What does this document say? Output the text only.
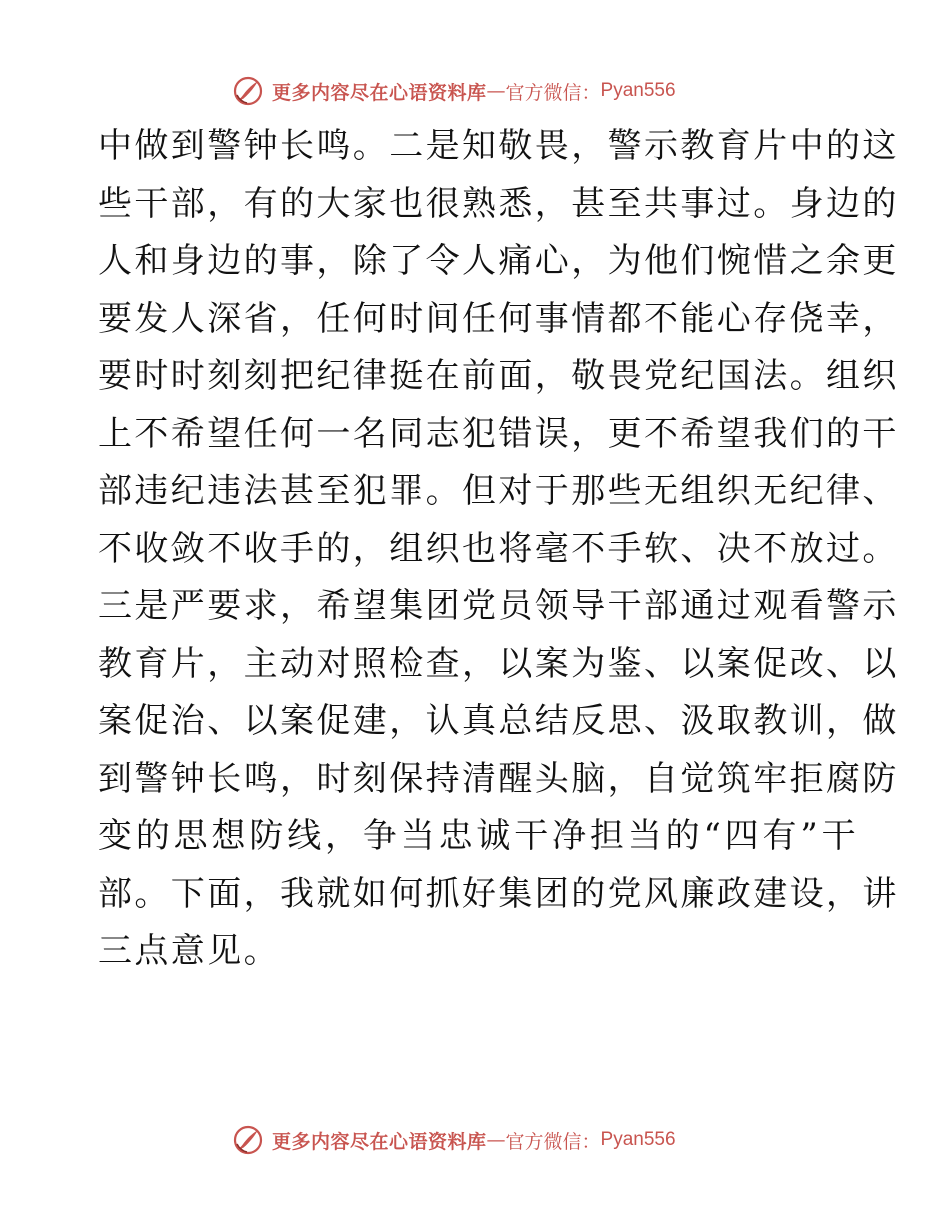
更多内容尽在心语资料库 — 官方微信： Pyan556
中做到警钟长鸣。二是知敬畏，警示教育片中的这
些干部，有的大家也很熟悉，甚至共事过。身边的
人和身边的事，除了令人痛心，为他们惋惜之余更
要发人深省，任何时间任何事情都不能心存侥幸，
要时时刻刻把纪律挺在前面，敬畏党纪国法。组织
上不希望任何一名同志犯错误，更不希望我们的干
部违纪违法甚至犯罪。但对于那些无组织无纪律、
不收敛不收手的，组织也将毫不手软、决不放过。
三是严要求，希望集团党员领导干部通过观看警示
教育片，主动对照检查，以案为鉴、以案促改、以
案促治、以案促建，认真总结反思、汲取教训，做
到警钟长鸣，时刻保持清醒头脑，自觉筑牢拒腐防
变的思想防线，争当忠诚干净担当的“四有”干
部。下面，我就如何抓好集团的党风廉政建设，讲
三点意见。
更多内容尽在心语资料库 — 官方微信： Pyan556
